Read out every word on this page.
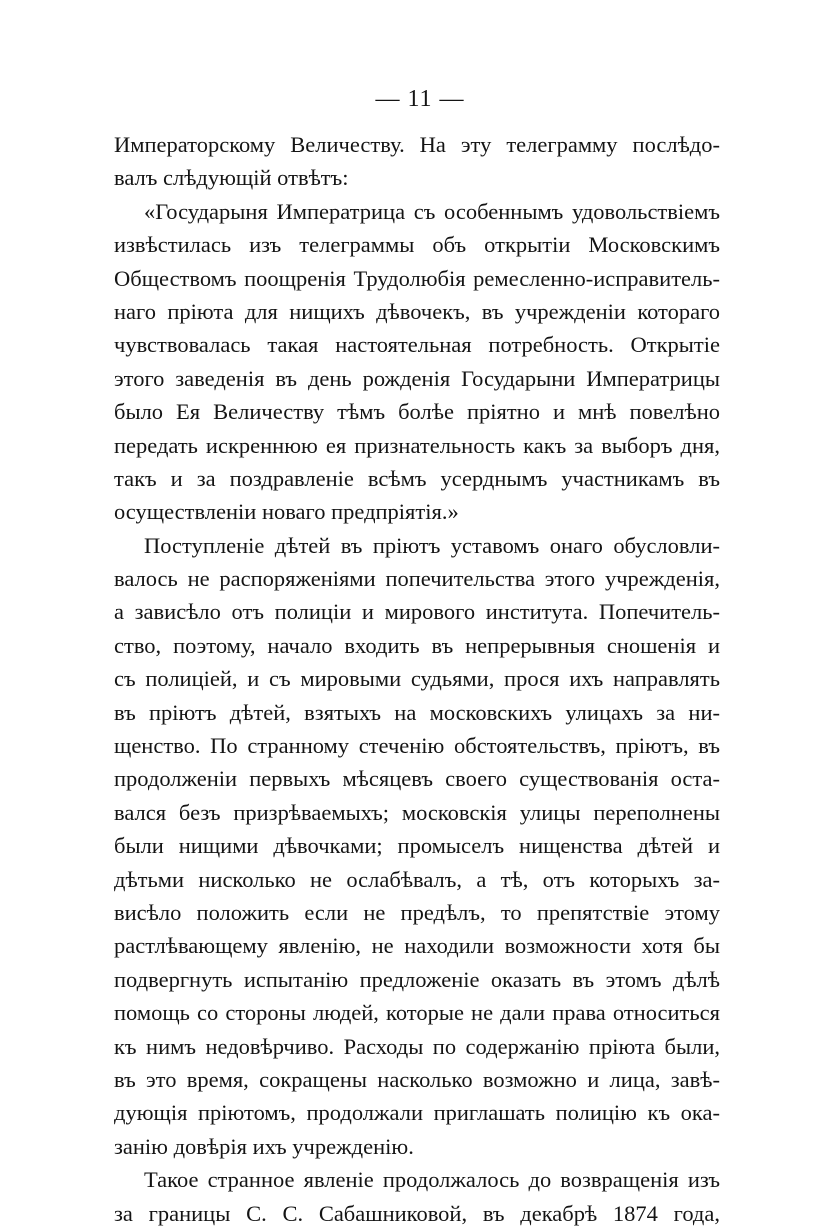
— 11 —
Императорскому Величеству. На эту телеграмму послѣдо-
валъ слѣдующій отвѣтъ:
«Государыня Императрица съ особеннымъ удовольствіемъ
извѣстилась изъ телеграммы объ открытіи Московскимъ
Обществомъ поощренія Трудолюбія ремесленно-исправитель-
наго пріюта для нищихъ дѣвочекъ, въ учрежденіи котораго
чувствовалась такая настоятельная потребность. Открытіе
этого заведенія въ день рожденія Государыни Императрицы
было Ея Величеству тѣмъ болѣе пріятно и мнѣ повелѣно
передать искреннюю ея признательность какъ за выборъ дня,
такъ и за поздравленіе всѣмъ усерднымъ участникамъ въ
осуществленіи новаго предпріятія.»
Поступленіе дѣтей въ пріютъ уставомъ онаго обусловли-
валось не распоряженіями попечительства этого учрежденія,
а зависѣло отъ полиціи и мирового института. Попечитель-
ство, поэтому, начало входить въ непрерывныя сношенія и
съ полиціей, и съ мировыми судьями, прося ихъ направлять
въ пріютъ дѣтей, взятыхъ на московскихъ улицахъ за ни-
щенство. По странному стеченію обстоятельствъ, пріютъ, въ
продолженіи первыхъ мѣсяцевъ своего существованія оста-
вался безъ призрѣваемыхъ; московскія улицы переполнены
были нищими дѣвочками; промыселъ нищенства дѣтей и
дѣтьми нисколько не ослабѣвалъ, а тѣ, отъ которыхъ за-
висѣло положить если не предѣлъ, то препятствіе этому
растлѣвающему явленію, не находили возможности хотя бы
подвергнуть испытанію предложеніе оказать въ этомъ дѣлѣ
помощь со стороны людей, которые не дали права относиться
къ нимъ недовѣрчиво. Расходы по содержанію пріюта были,
въ это время, сокращены насколько возможно и лица, завѣ-
дующія пріютомъ, продолжали приглашать полицію къ ока-
занію довѣрія ихъ учрежденію.
Такое странное явленіе продолжалось до возвращенія изъ
за границы С. С. Сабашниковой, въ декабрѣ 1874 года,
